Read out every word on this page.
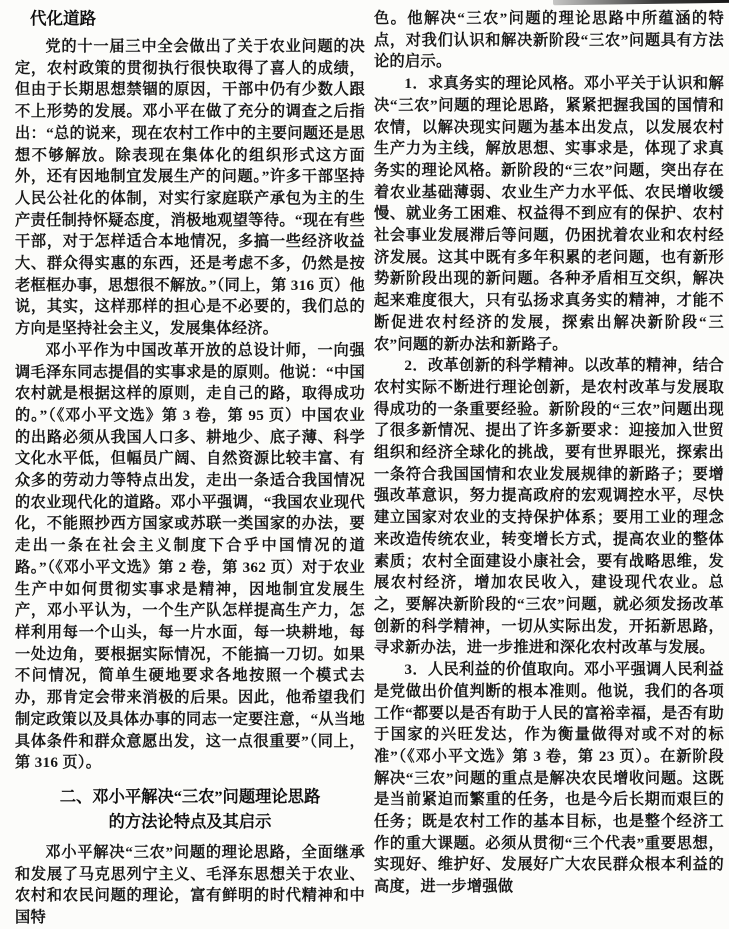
代化道路

党的十一届三中全会做出了关于农业问题的决定，农村政策的贯彻执行很快取得了喜人的成绩，但由于长期思想禁锢的原因，干部中仍有少数人跟不上形势的发展。邓小平在做了充分的调查之后指出：“总的说来，现在农村工作中的主要问题还是思想不够解放。除表现在集体化的组织形式这方面外，还有因地制宜发展生产的问题。”许多干部坚持人民公社化的体制，对实行家庭联产承包为主的生产责任制持怀疑态度，消极地观望等待。“现在有些干部，对于怎样适合本地情况，多搞一些经济收益大、群众得实惠的东西，还是考虑不多，仍然是按老框框办事，思想很不解放。”（同上，第 316 页）他说，其实，这样那样的担心是不必要的，我们总的方向是坚持社会主义，发展集体经济。

邓小平作为中国改革开放的总设计师，一向强调毛泽东同志提倡的实事求是的原则。他说：“中国农村就是根据这样的原则，走自己的路，取得成功的。”（《邓小平文选》第 3 卷，第 95 页）中国农业的出路必须从我国人口多、耕地少、底子薄、科学文化水平低，但幅员广阔、自然资源比较丰富、有众多的劳动力等特点出发，走出一条适合我国情况的农业现代化的道路。邓小平强调，“我国农业现代化，不能照抄西方国家或苏联一类国家的办法，要走出一条在社会主义制度下合乎中国情况的道路。”（《邓小平文选》第 2 卷，第 362 页）对于农业生产中如何贯彻实事求是精神，因地制宜发展生产，邓小平认为，一个生产队怎样提高生产力，怎样利用每一个山头，每一片水面，每一块耕地，每一处边角，要根据实际情况，不能搞一刀切。如果不问情况，简单生硬地要求各地按照一个模式去办，那肯定会带来消极的后果。因此，他希望我们制定政策以及具体办事的同志一定要注意，“从当地具体条件和群众意愿出发，这一点很重要”（同上，第 316 页）。

二、邓小平解决“三农”问题理论思路
的方法论特点及其启示

邓小平解决“三农”问题的理论思路，全面继承和发展了马克思列宁主义、毛泽东思想关于农业、农村和农民问题的理论，富有鲜明的时代精神和中国特

色。他解决“三农”问题的理论思路中所蕴涵的特点，对我们认识和解决新阶段“三农”问题具有方法论的启示。

1．求真务实的理论风格。邓小平关于认识和解决“三农”问题的理论思路，紧紧把握我国的国情和农情，以解决现实问题为基本出发点，以发展农村生产力为主线，解放思想、实事求是，体现了求真务实的理论风格。新阶段的“三农”问题，突出存在着农业基础薄弱、农业生产力水平低、农民增收缓慢、就业务工困难、权益得不到应有的保护、农村社会事业发展滞后等问题，仍困扰着农业和农村经济发展。这其中既有多年积累的老问题，也有新形势新阶段出现的新问题。各种矛盾相互交织，解决起来难度很大，只有弘扬求真务实的精神，才能不断促进农村经济的发展，探索出解决新阶段“三农”问题的新办法和新路子。

2．改革创新的科学精神。以改革的精神，结合农村实际不断进行理论创新，是农村改革与发展取得成功的一条重要经验。新阶段的“三农”问题出现了很多新情况、提出了许多新要求：迎接加入世贸组织和经济全球化的挑战，要有世界眼光，探索出一条符合我国国情和农业发展规律的新路子；要增强改革意识，努力提高政府的宏观调控水平，尽快建立国家对农业的支持保护体系；要用工业的理念来改造传统农业，转变增长方式，提高农业的整体素质；农村全面建设小康社会，要有战略思维，发展农村经济，增加农民收入，建设现代农业。总之，要解决新阶段的“三农”问题，就必须发扬改革创新的科学精神，一切从实际出发，开拓新思路，寻求新办法，进一步推进和深化农村改革与发展。

3．人民利益的价值取向。邓小平强调人民利益是党做出价值判断的根本准则。他说，我们的各项工作“都要以是否有助于人民的富裕幸福，是否有助于国家的兴旺发达，作为衡量做得对或不对的标准”（《邓小平文选》第 3 卷，第 23 页）。在新阶段解决“三农”问题的重点是解决农民增收问题。这既是当前紧迫而繁重的任务，也是今后长期而艰巨的任务；既是农村工作的基本目标，也是整个经济工作的重大课题。必须从贯彻“三个代表”重要思想，实现好、维护好、发展好广大农民群众根本利益的高度，进一步增强做
